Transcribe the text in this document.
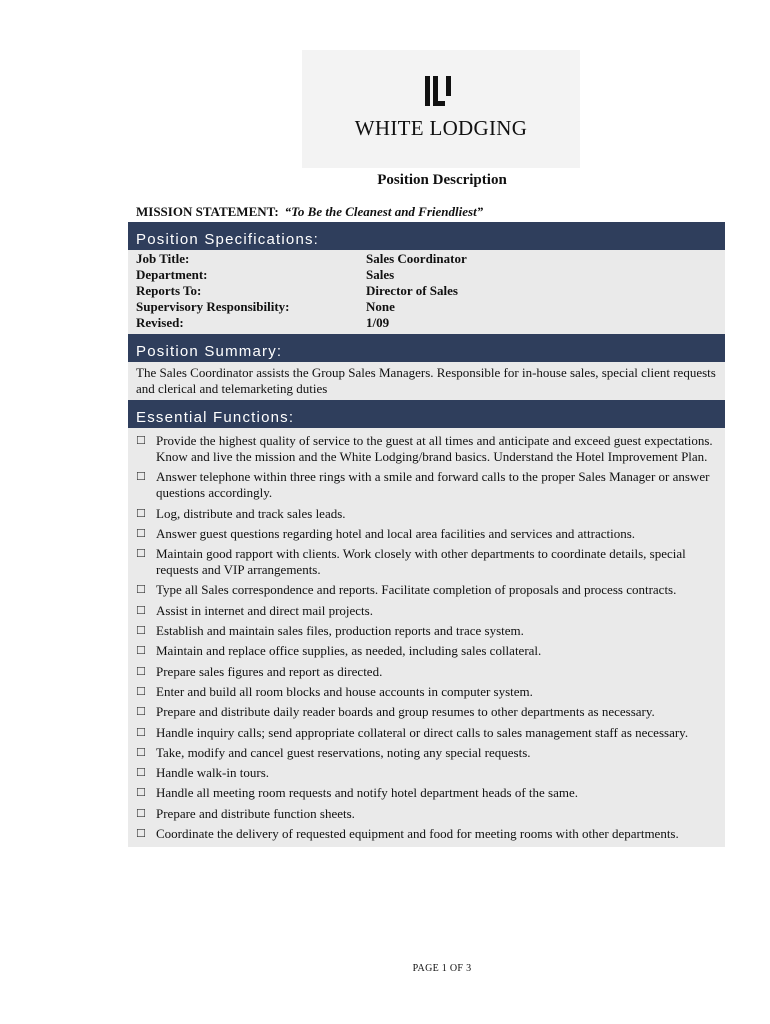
WHITE LODGING
Position Description
MISSION STATEMENT: “To Be the Cleanest and Friendliest”
Position Specifications:
Job Title:	Sales Coordinator
Department:	Sales
Reports To:	Director of Sales
Supervisory Responsibility:	None
Revised:	1/09
Position Summary:
The Sales Coordinator assists the Group Sales Managers. Responsible for in-house sales, special client requests and clerical and telemarketing duties
Essential Functions:
☐ Provide the highest quality of service to the guest at all times and anticipate and exceed guest expectations. Know and live the mission and the White Lodging/brand basics. Understand the Hotel Improvement Plan.
☐ Answer telephone within three rings with a smile and forward calls to the proper Sales Manager or answer questions accordingly.
☐ Log, distribute and track sales leads.
☐ Answer guest questions regarding hotel and local area facilities and services and attractions.
☐ Maintain good rapport with clients. Work closely with other departments to coordinate details, special requests and VIP arrangements.
☐ Type all Sales correspondence and reports. Facilitate completion of proposals and process contracts.
☐ Assist in internet and direct mail projects.
☐ Establish and maintain sales files, production reports and trace system.
☐ Maintain and replace office supplies, as needed, including sales collateral.
☐ Prepare sales figures and report as directed.
☐ Enter and build all room blocks and house accounts in computer system.
☐ Prepare and distribute daily reader boards and group resumes to other departments as necessary.
☐ Handle inquiry calls; send appropriate collateral or direct calls to sales management staff as necessary.
☐ Take, modify and cancel guest reservations, noting any special requests.
☐ Handle walk-in tours.
☐ Handle all meeting room requests and notify hotel department heads of the same.
☐ Prepare and distribute function sheets.
☐ Coordinate the delivery of requested equipment and food for meeting rooms with other departments.
PAGE 1 OF 3
